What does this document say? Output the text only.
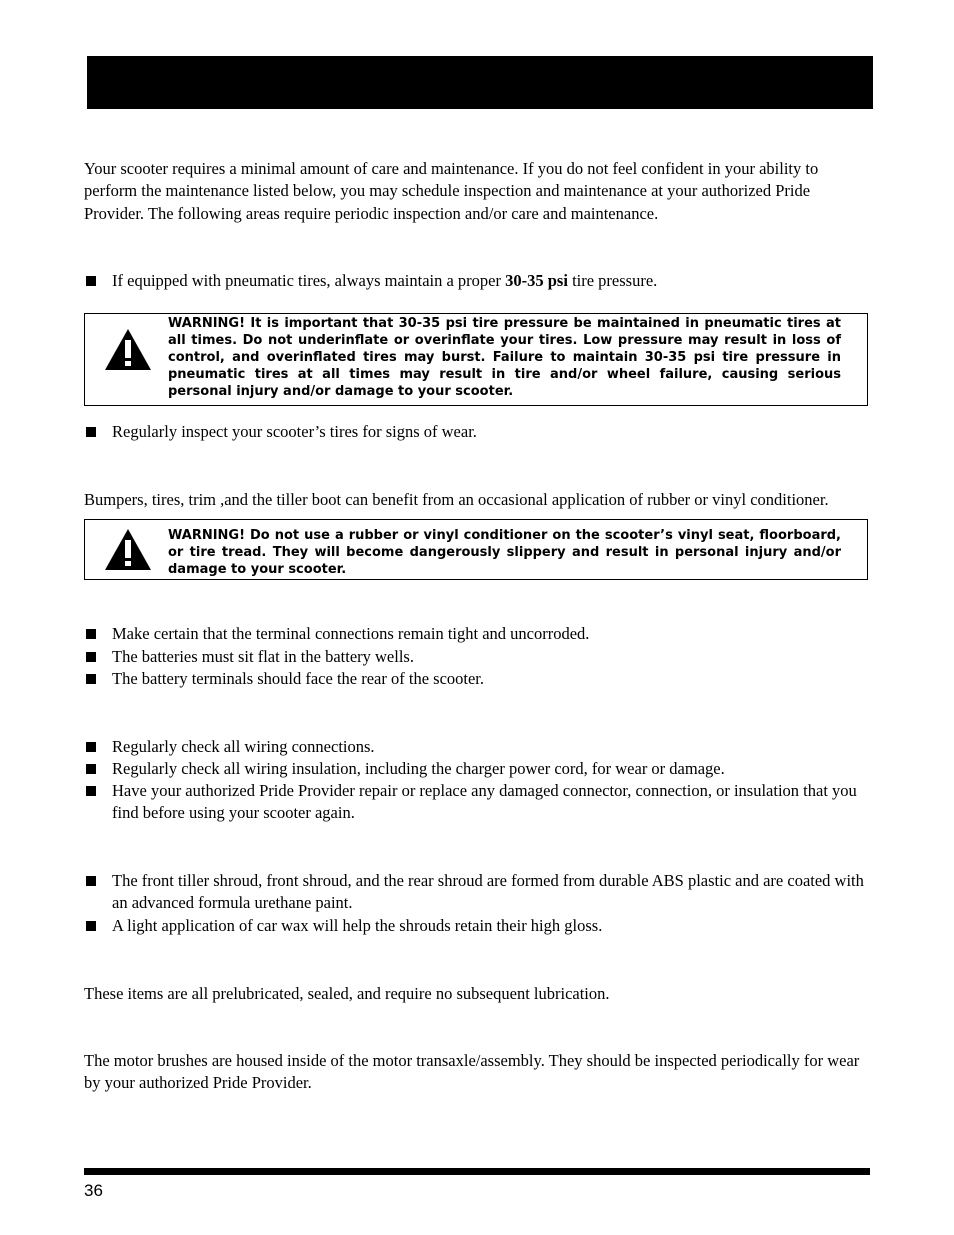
Your scooter requires a minimal amount of care and maintenance. If you do not feel confident in your ability to perform the maintenance listed below, you may schedule inspection and maintenance at your authorized Pride Provider. The following areas require periodic inspection and/or care and maintenance.

If equipped with pneumatic tires, always maintain a proper 30-35 psi tire pressure.
WARNING! It is important that 30-35 psi tire pressure be maintained in pneumatic tires at all times. Do not underinflate or overinflate your tires. Low pressure may result in loss of control, and overinflated tires may burst. Failure to maintain 30-35 psi tire pressure in pneumatic tires at all times may result in tire and/or wheel failure, causing serious personal injury and/or damage to your scooter.
Regularly inspect your scooter’s tires for signs of wear.

Bumpers, tires, trim ,and the tiller boot can benefit from an occasional application of rubber or vinyl conditioner.

WARNING! Do not use a rubber or vinyl conditioner on the scooter’s vinyl seat, floorboard, or tire tread. They will become dangerously slippery and result in personal injury and/or damage to your scooter.
Make certain that the terminal connections remain tight and uncorroded.
The batteries must sit flat in the battery wells.
The battery terminals should face the rear of the scooter.
Regularly check all wiring connections.
Regularly check all wiring insulation, including the charger power cord, for wear or damage.
Have your authorized Pride Provider repair or replace any damaged connector, connection, or insulation that you find before using your scooter again.
The front tiller shroud, front shroud, and the rear shroud are formed from durable ABS plastic and are coated with an advanced formula urethane paint.
A light application of car wax will help the shrouds retain their high gloss.

These items are all prelubricated, sealed, and require no subsequent lubrication.

The motor brushes are housed inside of the motor transaxle/assembly. They should be inspected periodically for wear by your authorized Pride Provider.

36
